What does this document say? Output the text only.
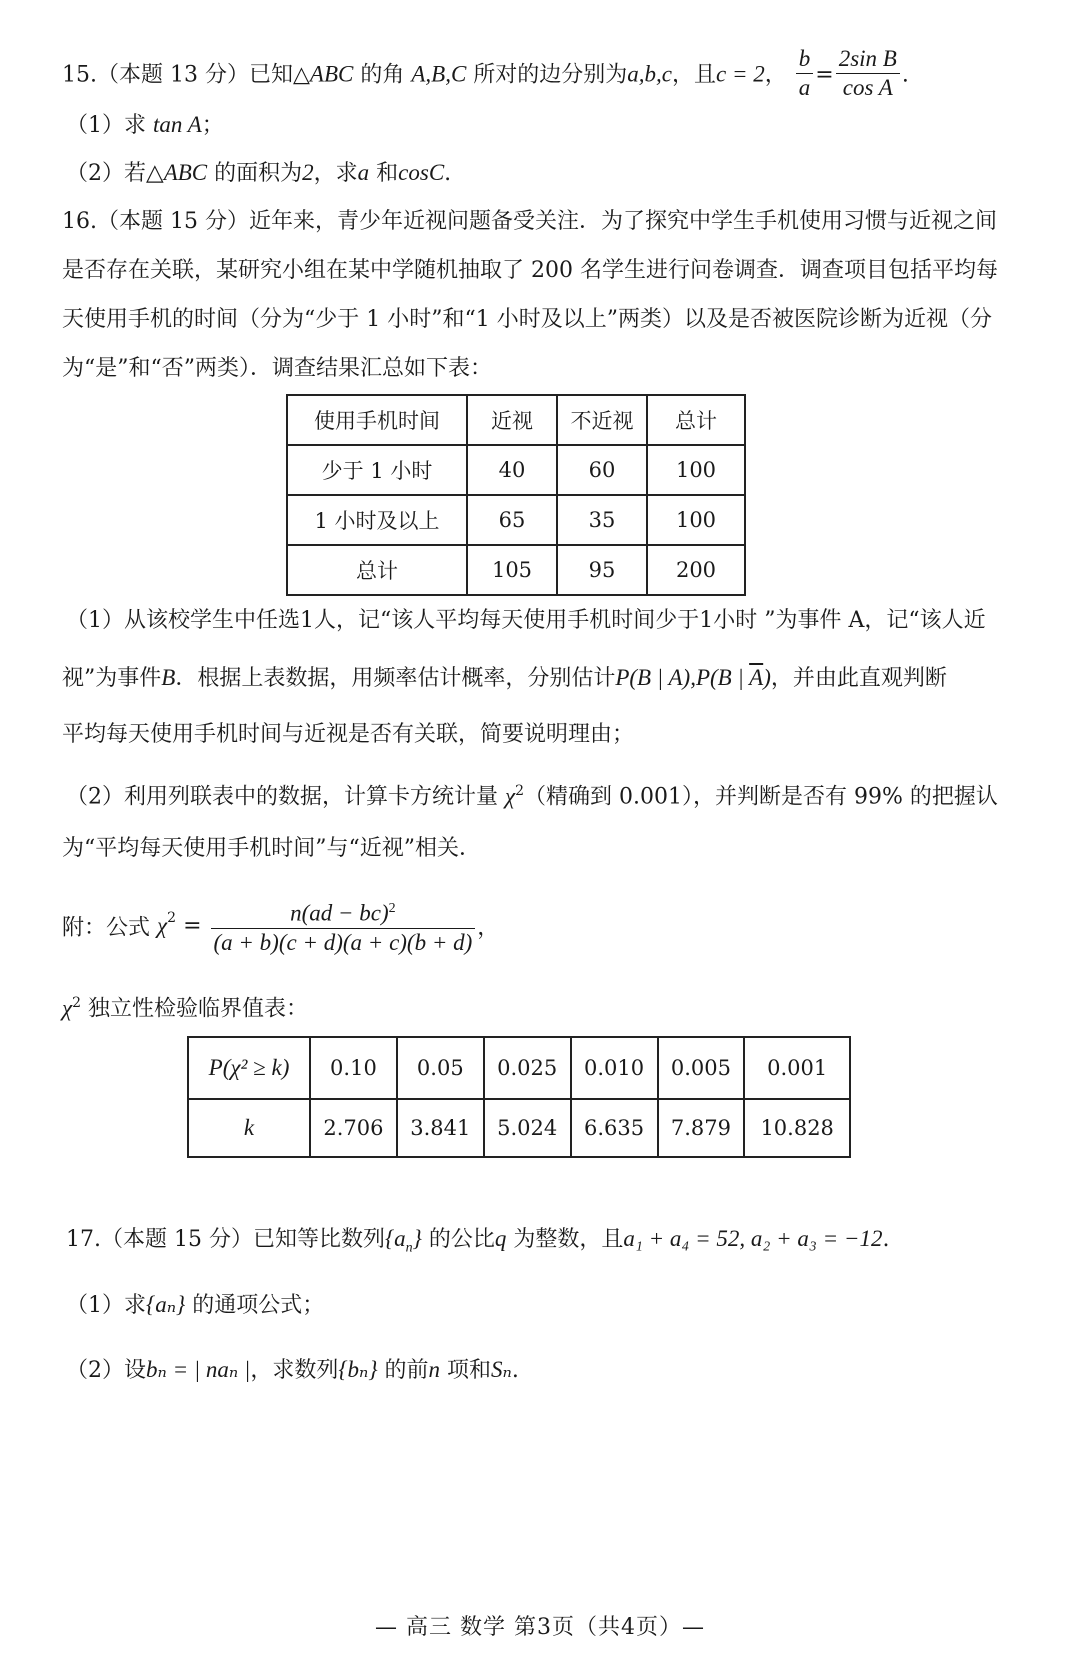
15.（本题 13 分）已知△ABC 的角 A,B,C 所对的边分别为a,b,c，且c = 2， $\frac{b}{a} = \frac{\text{2sin B}}{\text{cos A}}$ .
（1）求 tan A；
（2）若△ABC 的面积为2，求a 和cosC.
16.（本题 15 分）近年来，青少年近视问题备受关注．为了探究中学生手机使用习惯与近视之间
是否存在关联，某研究小组在某中学随机抽取了 200 名学生进行问卷调查．调查项目包括平均每
天使用手机的时间（分为“少于 1 小时”和“1 小时及以上”两类）以及是否被医院诊断为近视（分
为“是”和“否”两类）．调查结果汇总如下表：
使用手机时间	近视	不近视	总计
少于 1 小时	40	60	100
1 小时及以上	65	35	100
总计	105	95	200
（1）从该校学生中任选1人，记“该人平均每天使用手机时间少于1小时 ”为事件 A，记“该人近
视”为事件B．根据上表数据，用频率估计概率，分别估计P(B | A),P(B | $\overline{A}$)，并由此直观判断
平均每天使用手机时间与近视是否有关联，简要说明理由；
（2）利用列联表中的数据，计算卡方统计量 $\chi^2$（精确到 0.001），并判断是否有 99% 的把握认
为“平均每天使用手机时间”与“近视”相关．
附：公式 $\chi^2 = \frac{n(ad - bc)^2}{(a + b)(c + d)(a + c)(b + d)}$ ，
$\chi^2$ 独立性检验临界值表：
P(χ² ≥ k)	0.10	0.05	0.025	0.010	0.005	0.001
k	2.706	3.841	5.024	6.635	7.879	10.828
17.（本题 15 分）已知等比数列$\{a_n\}$ 的公比q 为整数，且a₁ + a₄ = 52, a₂ + a₃ = −12.
（1）求{aₙ} 的通项公式；
（2）设bₙ = | naₙ |，求数列{bₙ} 的前n 项和Sₙ.
— 高三 数学 第3页（共4页）—
